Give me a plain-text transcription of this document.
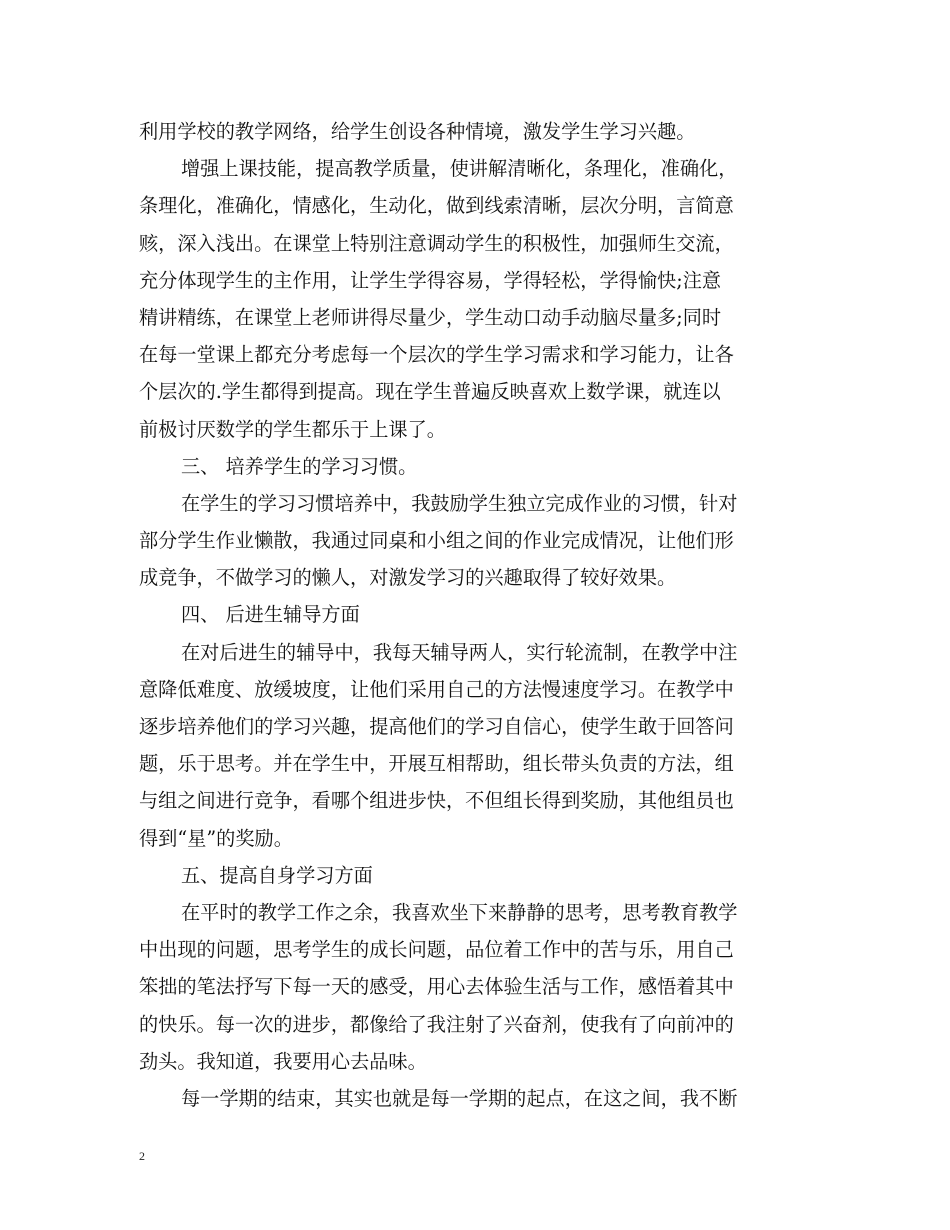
利用学校的教学网络，给学生创设各种情境，激发学生学习兴趣。
增强上课技能，提高教学质量，使讲解清晰化，条理化，准确化，
条理化，准确化，情感化，生动化，做到线索清晰，层次分明，言简意
赅，深入浅出。在课堂上特别注意调动学生的积极性，加强师生交流，
充分体现学生的主作用，让学生学得容易，学得轻松，学得愉快;注意
精讲精练，在课堂上老师讲得尽量少，学生动口动手动脑尽量多;同时
在每一堂课上都充分考虑每一个层次的学生学习需求和学习能力，让各
个层次的.学生都得到提高。现在学生普遍反映喜欢上数学课，就连以
前极讨厌数学的学生都乐于上课了。
三、 培养学生的学习习惯。
在学生的学习习惯培养中，我鼓励学生独立完成作业的习惯，针对
部分学生作业懒散，我通过同桌和小组之间的作业完成情况，让他们形
成竞争，不做学习的懒人，对激发学习的兴趣取得了较好效果。
四、 后进生辅导方面
在对后进生的辅导中，我每天辅导两人，实行轮流制，在教学中注
意降低难度、放缓坡度，让他们采用自己的方法慢速度学习。在教学中
逐步培养他们的学习兴趣，提高他们的学习自信心，使学生敢于回答问
题，乐于思考。并在学生中，开展互相帮助，组长带头负责的方法，组
与组之间进行竞争，看哪个组进步快，不但组长得到奖励，其他组员也
得到“星”的奖励。
五、提高自身学习方面
在平时的教学工作之余，我喜欢坐下来静静的思考，思考教育教学
中出现的问题，思考学生的成长问题，品位着工作中的苦与乐，用自己
笨拙的笔法抒写下每一天的感受，用心去体验生活与工作，感悟着其中
的快乐。每一次的进步，都像给了我注射了兴奋剂，使我有了向前冲的
劲头。我知道，我要用心去品味。
每一学期的结束，其实也就是每一学期的起点，在这之间，我不断
2
